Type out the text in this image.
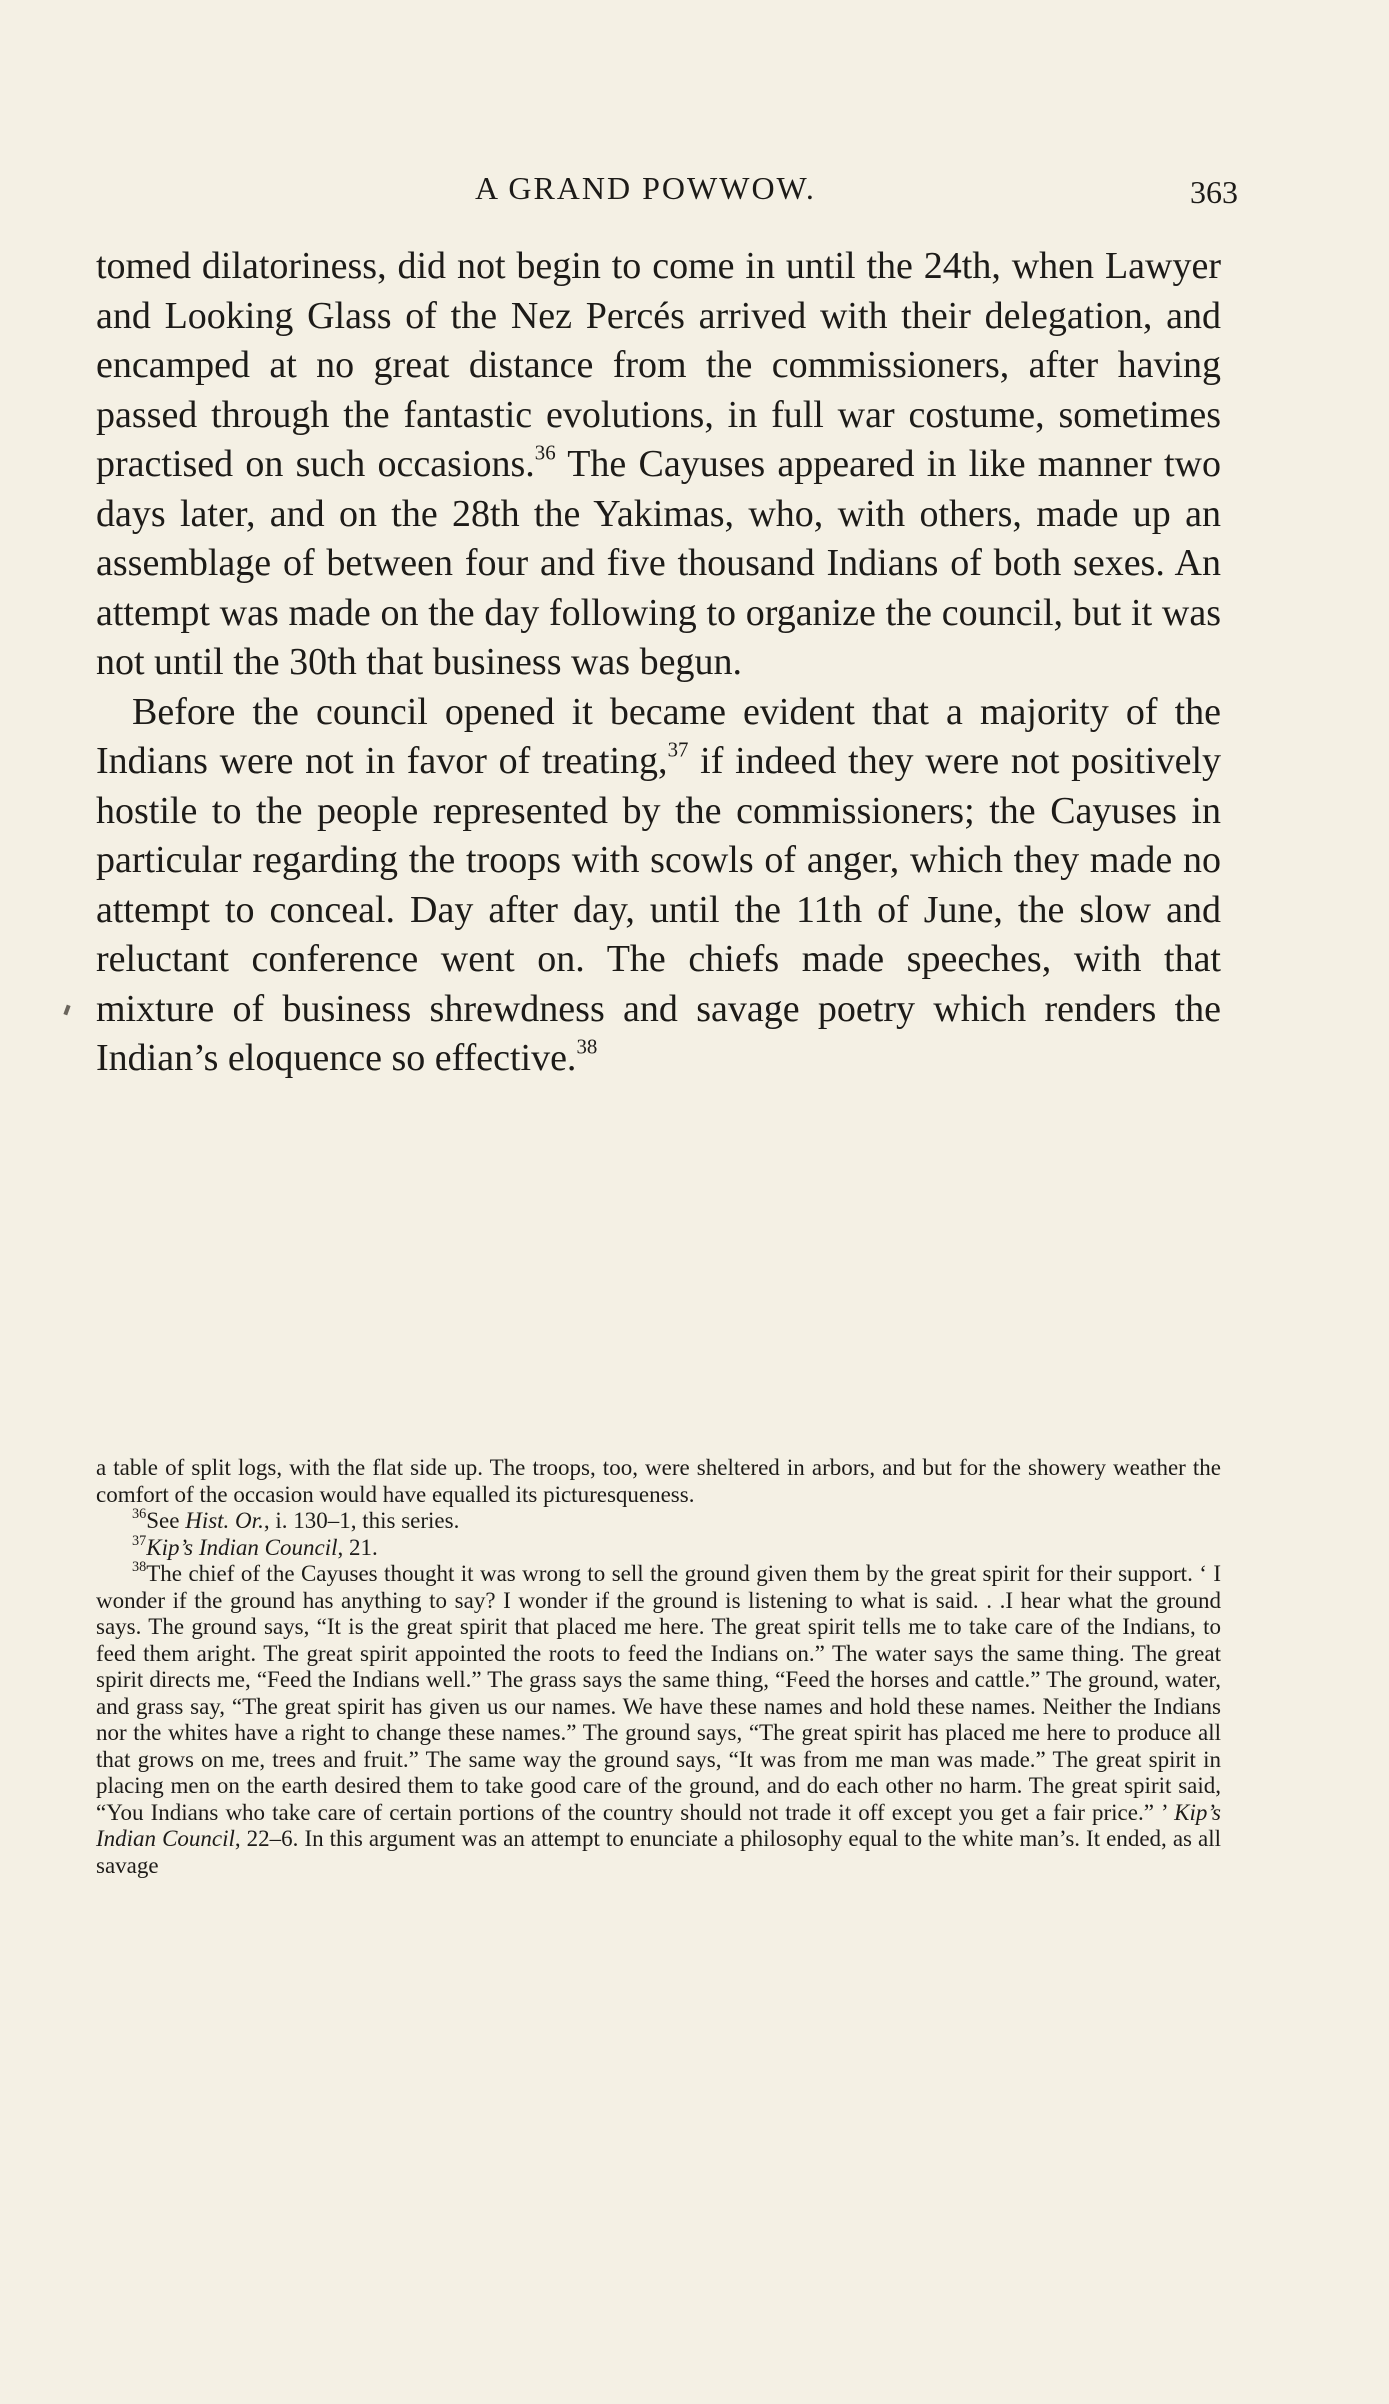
A GRAND POWWOW.	363

tomed dilatoriness, did not begin to come in until the 24th, when Lawyer and Looking Glass of the Nez Percés arrived with their delegation, and encamped at no great distance from the commissioners, after having passed through the fantastic evolutions, in full war costume, sometimes practised on such occasions.$^{36}$ The Cayuses appeared in like manner two days later, and on the 28th the Yakimas, who, with others, made up an assemblage of between four and five thousand Indians of both sexes. An attempt was made on the day following to organize the council, but it was not until the 30th that business was begun.

Before the council opened it became evident that a majority of the Indians were not in favor of treating,$^{37}$ if indeed they were not positively hostile to the people represented by the commissioners; the Cayuses in particular regarding the troops with scowls of anger, which they made no attempt to conceal. Day after day, until the 11th of June, the slow and reluctant conference went on. The chiefs made speeches, with that mixture of business shrewdness and savage poetry which renders the Indian’s eloquence so effective.$^{38}$

a table of split logs, with the flat side up. The troops, too, were sheltered in arbors, and but for the showery weather the comfort of the occasion would have equalled its picturesqueness.

$^{36}$See Hist. Or., i. 130–1, this series.

$^{37}$Kip’s Indian Council, 21.

$^{38}$The chief of the Cayuses thought it was wrong to sell the ground given them by the great spirit for their support. ‘ I wonder if the ground has anything to say? I wonder if the ground is listening to what is said. . .I hear what the ground says. The ground says, “It is the great spirit that placed me here. The great spirit tells me to take care of the Indians, to feed them aright. The great spirit appointed the roots to feed the Indians on.” The water says the same thing. The great spirit directs me, “Feed the Indians well.” The grass says the same thing, “Feed the horses and cattle.” The ground, water, and grass say, “The great spirit has given us our names. We have these names and hold these names. Neither the Indians nor the whites have a right to change these names.” The ground says, “The great spirit has placed me here to produce all that grows on me, trees and fruit.” The same way the ground says, “It was from me man was made.” The great spirit in placing men on the earth desired them to take good care of the ground, and do each other no harm. The great spirit said, “You Indians who take care of certain portions of the country should not trade it off except you get a fair price.” ’ Kip’s Indian Council, 22–6. In this argument was an attempt to enunciate a philosophy equal to the white man’s. It ended, as all savage
